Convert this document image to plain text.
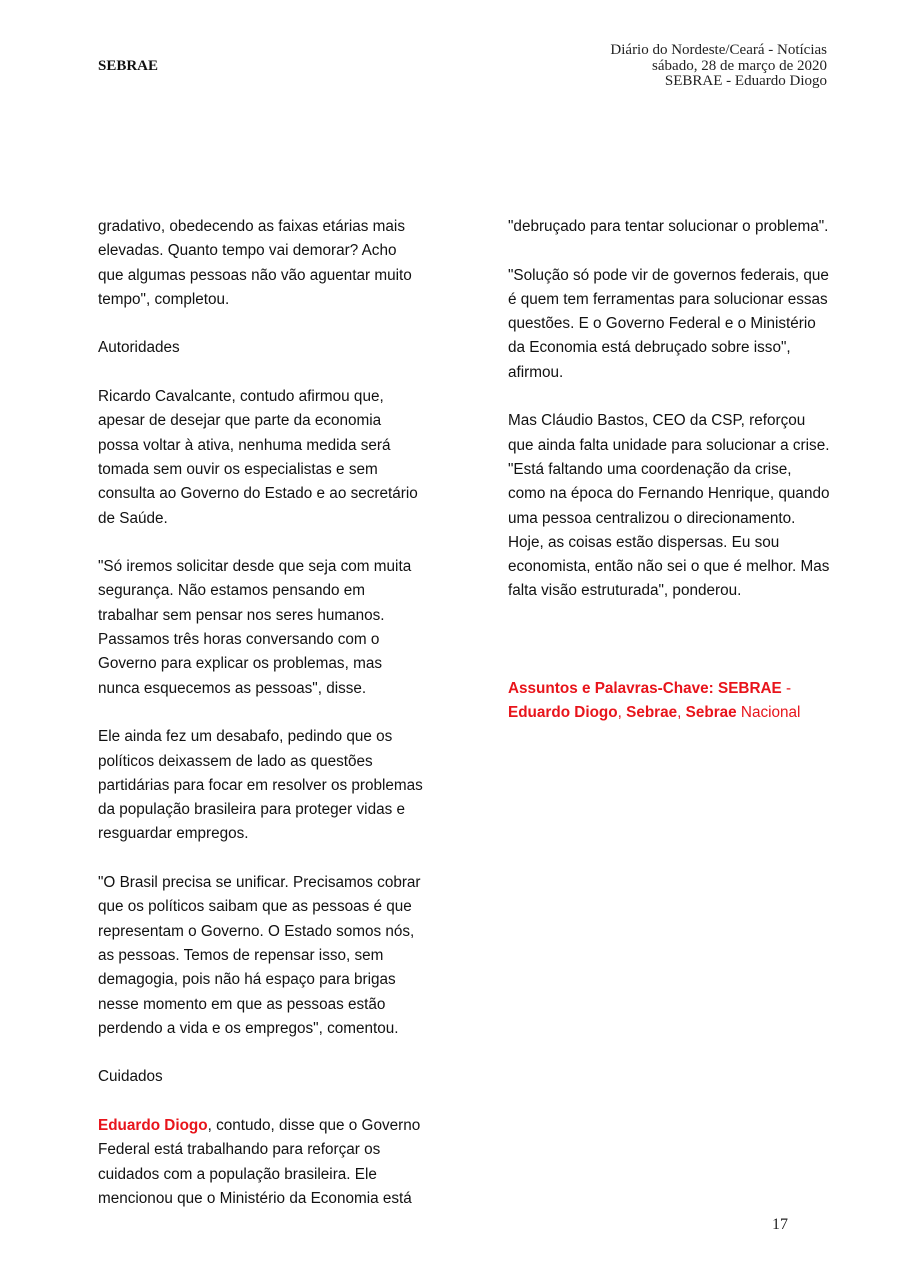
SEBRAE
Diário do Nordeste/Ceará - Notícias
sábado, 28 de março de 2020
SEBRAE - Eduardo Diogo
gradativo, obedecendo as faixas etárias mais
elevadas. Quanto tempo vai demorar? Acho
que algumas pessoas não vão aguentar muito
tempo", completou.
Autoridades
Ricardo Cavalcante, contudo afirmou que,
apesar de desejar que parte da economia
possa voltar à ativa, nenhuma medida será
tomada sem ouvir os especialistas e sem
consulta ao Governo do Estado e ao secretário
de Saúde.
"Só iremos solicitar desde que seja com muita
segurança. Não estamos pensando em
trabalhar sem pensar nos seres humanos.
Passamos três horas conversando com o
Governo para explicar os problemas, mas
nunca esquecemos as pessoas", disse.
Ele ainda fez um desabafo, pedindo que os
políticos deixassem de lado as questões
partidárias para focar em resolver os problemas
da população brasileira para proteger vidas e
resguardar empregos.
"O Brasil precisa se unificar. Precisamos cobrar
que os políticos saibam que as pessoas é que
representam o Governo. O Estado somos nós,
as pessoas. Temos de repensar isso, sem
demagogia, pois não há espaço para brigas
nesse momento em que as pessoas estão
perdendo a vida e os empregos", comentou.
Cuidados
Eduardo Diogo, contudo, disse que o Governo
Federal está trabalhando para reforçar os
cuidados com a população brasileira. Ele
mencionou que o Ministério da Economia está
"debruçado para tentar solucionar o problema".
"Solução só pode vir de governos federais, que
é quem tem ferramentas para solucionar essas
questões. E o Governo Federal e o Ministério
da Economia está debruçado sobre isso",
afirmou.
Mas Cláudio Bastos, CEO da CSP, reforçou
que ainda falta unidade para solucionar a crise.
"Está faltando uma coordenação da crise,
como na época do Fernando Henrique, quando
uma pessoa centralizou o direcionamento.
Hoje, as coisas estão dispersas. Eu sou
economista, então não sei o que é melhor. Mas
falta visão estruturada", ponderou.
Assuntos e Palavras-Chave: SEBRAE -
Eduardo Diogo, Sebrae, Sebrae Nacional
17
